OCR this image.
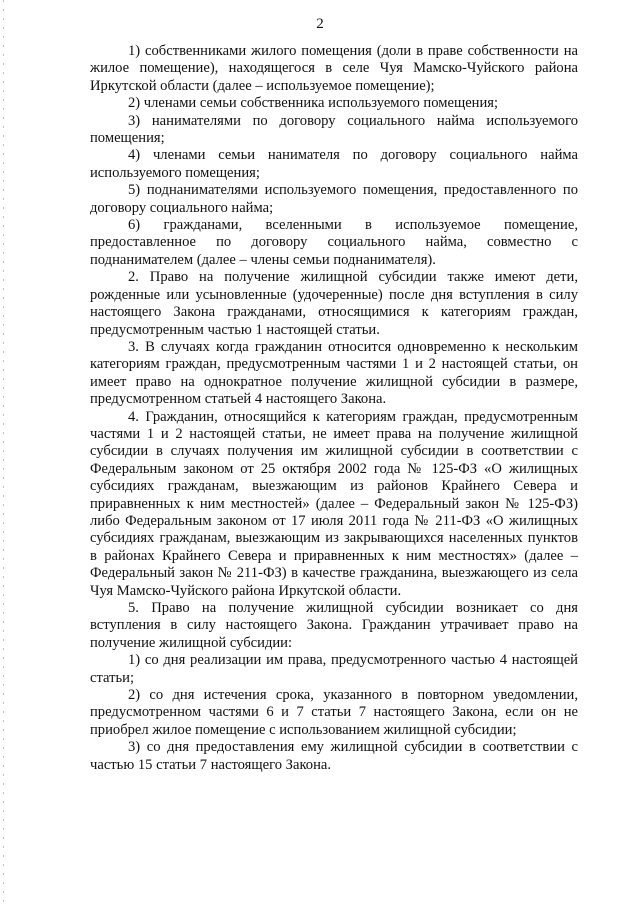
2

1) собственниками жилого помещения (доли в праве собственности на жилое помещение), находящегося в селе Чуя Мамско-Чуйского района Иркутской области (далее – используемое помещение);

2) членами семьи собственника используемого помещения;

3) нанимателями по договору социального найма используемого помещения;

4) членами семьи нанимателя по договору социального найма используемого помещения;

5) поднанимателями используемого помещения, предоставленного по договору социального найма;

6) гражданами, вселенными в используемое помещение, предоставленное по договору социального найма, совместно с поднанимателем (далее – члены семьи поднанимателя).

2. Право на получение жилищной субсидии также имеют дети, рожденные или усыновленные (удочеренные) после дня вступления в силу настоящего Закона гражданами, относящимися к категориям граждан, предусмотренным частью 1 настоящей статьи.

3. В случаях когда гражданин относится одновременно к нескольким категориям граждан, предусмотренным частями 1 и 2 настоящей статьи, он имеет право на однократное получение жилищной субсидии в размере, предусмотренном статьей 4 настоящего Закона.

4. Гражданин, относящийся к категориям граждан, предусмотренным частями 1 и 2 настоящей статьи, не имеет права на получение жилищной субсидии в случаях получения им жилищной субсидии в соответствии с Федеральным законом от 25 октября 2002 года № 125-ФЗ «О жилищных субсидиях гражданам, выезжающим из районов Крайнего Севера и приравненных к ним местностей» (далее – Федеральный закон № 125-ФЗ) либо Федеральным законом от 17 июля 2011 года № 211-ФЗ «О жилищных субсидиях гражданам, выезжающим из закрывающихся населенных пунктов в районах Крайнего Севера и приравненных к ним местностях» (далее – Федеральный закон № 211-ФЗ) в качестве гражданина, выезжающего из села Чуя Мамско-Чуйского района Иркутской области.

5. Право на получение жилищной субсидии возникает со дня вступления в силу настоящего Закона. Гражданин утрачивает право на получение жилищной субсидии:

1) со дня реализации им права, предусмотренного частью 4 настоящей статьи;

2) со дня истечения срока, указанного в повторном уведомлении, предусмотренном частями 6 и 7 статьи 7 настоящего Закона, если он не приобрел жилое помещение с использованием жилищной субсидии;

3) со дня предоставления ему жилищной субсидии в соответствии с частью 15 статьи 7 настоящего Закона.
